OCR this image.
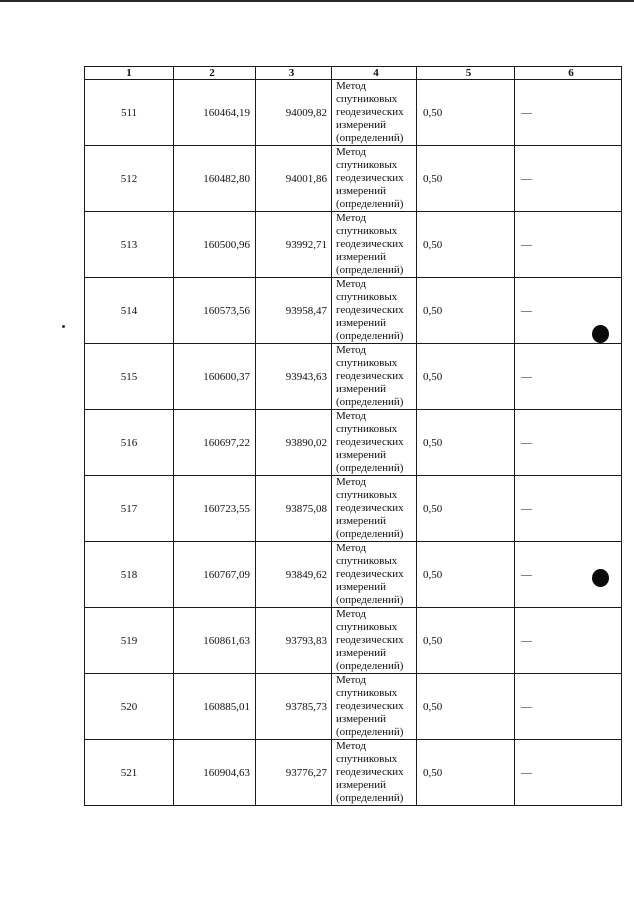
1	2	3	4	5	6
511	160464,19	94009,82	Метод спутниковых геодезических измерений (определений)	0,50	—
512	160482,80	94001,86	Метод спутниковых геодезических измерений (определений)	0,50	—
513	160500,96	93992,71	Метод спутниковых геодезических измерений (определений)	0,50	—
514	160573,56	93958,47	Метод спутниковых геодезических измерений (определений)	0,50	—
515	160600,37	93943,63	Метод спутниковых геодезических измерений (определений)	0,50	—
516	160697,22	93890,02	Метод спутниковых геодезических измерений (определений)	0,50	—
517	160723,55	93875,08	Метод спутниковых геодезических измерений (определений)	0,50	—
518	160767,09	93849,62	Метод спутниковых геодезических измерений (определений)	0,50	—
519	160861,63	93793,83	Метод спутниковых геодезических измерений (определений)	0,50	—
520	160885,01	93785,73	Метод спутниковых геодезических измерений (определений)	0,50	—
521	160904,63	93776,27	Метод спутниковых геодезических измерений (определений)	0,50	—
